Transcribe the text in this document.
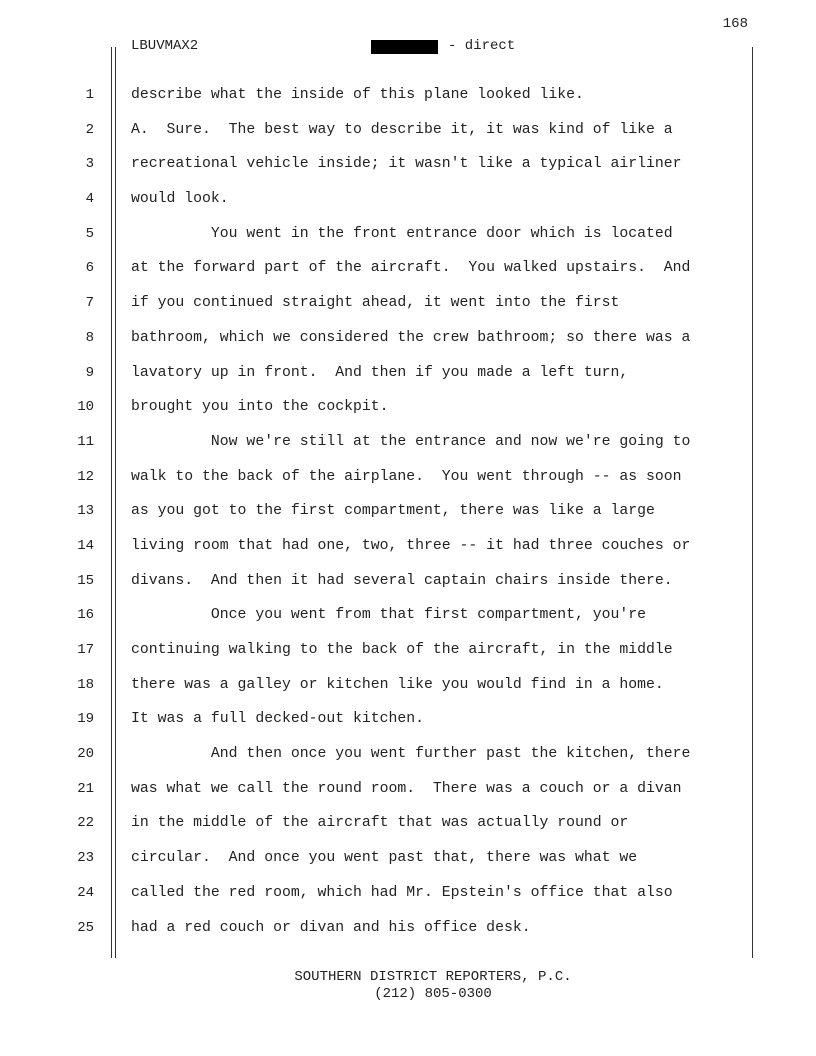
168
LBUVMAX2	- direct
1
2
3
4
5
6
7
8
9
10
11
12
13
14
15
16
17
18
19
20
21
22
23
24
25
describe what the inside of this plane looked like.
A.  Sure.  The best way to describe it, it was kind of like a
recreational vehicle inside; it wasn't like a typical airliner
would look.
You went in the front entrance door which is located
at the forward part of the aircraft.  You walked upstairs.  And
if you continued straight ahead, it went into the first
bathroom, which we considered the crew bathroom; so there was a
lavatory up in front.  And then if you made a left turn,
brought you into the cockpit.
Now we're still at the entrance and now we're going to
walk to the back of the airplane.  You went through -- as soon
as you got to the first compartment, there was like a large
living room that had one, two, three -- it had three couches or
divans.  And then it had several captain chairs inside there.
Once you went from that first compartment, you're
continuing walking to the back of the aircraft, in the middle
there was a galley or kitchen like you would find in a home.
It was a full decked-out kitchen.
And then once you went further past the kitchen, there
was what we call the round room.  There was a couch or a divan
in the middle of the aircraft that was actually round or
circular.  And once you went past that, there was what we
called the red room, which had Mr. Epstein's office that also
had a red couch or divan and his office desk.
SOUTHERN DISTRICT REPORTERS, P.C.
(212) 805-0300
